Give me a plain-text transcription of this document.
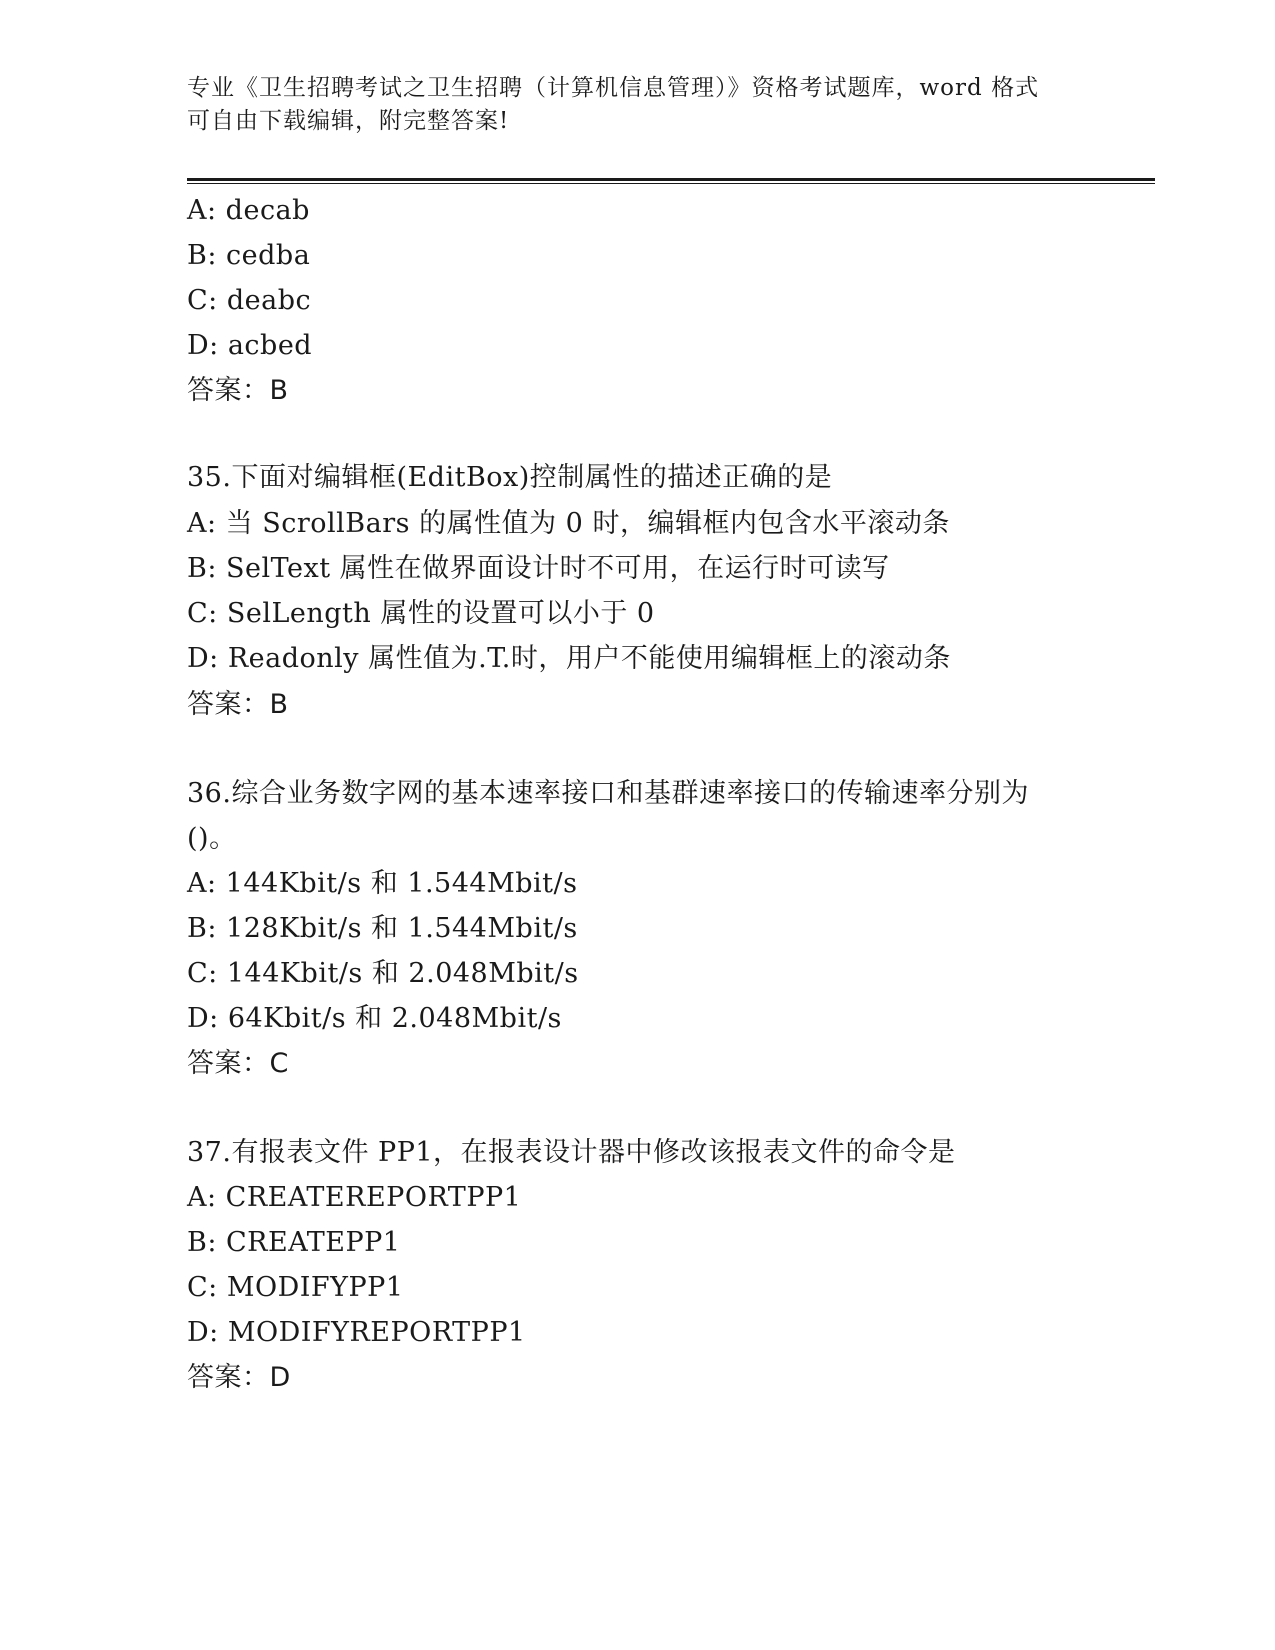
专业《卫生招聘考试之卫生招聘（计算机信息管理）》资格考试题库，word 格式
可自由下载编辑，附完整答案!
A: decab
B: cedba
C: deabc
D: acbed
答案：B
35.下面对编辑框(EditBox)控制属性的描述正确的是
A: 当 ScrollBars 的属性值为 0 时，编辑框内包含水平滚动条
B: SelText 属性在做界面设计时不可用，在运行时可读写
C: SelLength 属性的设置可以小于 0
D: Readonly 属性值为.T.时，用户不能使用编辑框上的滚动条
答案：B
36.综合业务数字网的基本速率接口和基群速率接口的传输速率分别为
()。
A: 144Kbit/s 和 1.544Mbit/s
B: 128Kbit/s 和 1.544Mbit/s
C: 144Kbit/s 和 2.048Mbit/s
D: 64Kbit/s 和 2.048Mbit/s
答案：C
37.有报表文件 PP1，在报表设计器中修改该报表文件的命令是
A: CREATEREPORTPP1
B: CREATEPP1
C: MODIFYPP1
D: MODIFYREPORTPP1
答案：D
